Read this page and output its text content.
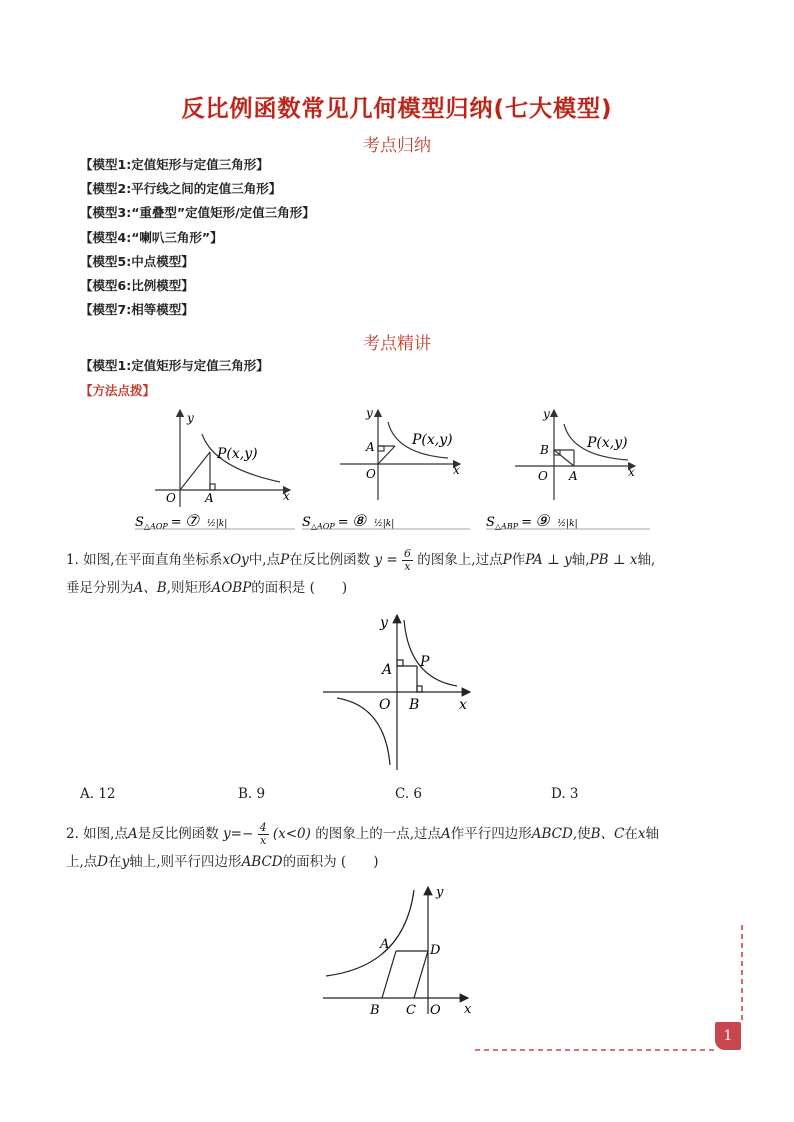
反比例函数常见几何模型归纳(七大模型)
考点归纳
【模型1:定值矩形与定值三角形】
【模型2:平行线之间的定值三角形】
【模型3:“重叠型”定值矩形/定值三角形】
【模型4:“喇叭三角形”】
【模型5:中点模型】
【模型6:比例模型】
【模型7:相等模型】
考点精讲
【模型1:定值矩形与定值三角形】
【方法点拨】
y
x
O A
P(x,y)
$S_{\triangle AOP}$ = ⑦ ½|k|
y
x
O
A	P(x,y)
$S_{\triangle AOP}$ = ⑧ ½|k|
y
x
O
B
A
P(x,y)
$S_{\triangle ABP}$ = ⑨ ½|k|
1. 如图,在平面直角坐标系xOy中,点P在反比例函数 $y = \frac{6}{x}$ 的图象上,过点P作PA ⊥ y轴,PB ⊥ x轴,
垂足分别为A、B,则矩形AOBP的面积是 (　　)
y
x
O
A
B
P
A. 12	B. 9	C. 6	D. 3
2. 如图,点A是反比例函数 $y=- \frac{4}{x} (x<0)$ 的图象上的一点,过点A作平行四边形ABCD,使B、C在x轴
上,点D在y轴上,则平行四边形ABCD的面积为 (　　)
y
x
O
A	D
B C
1
